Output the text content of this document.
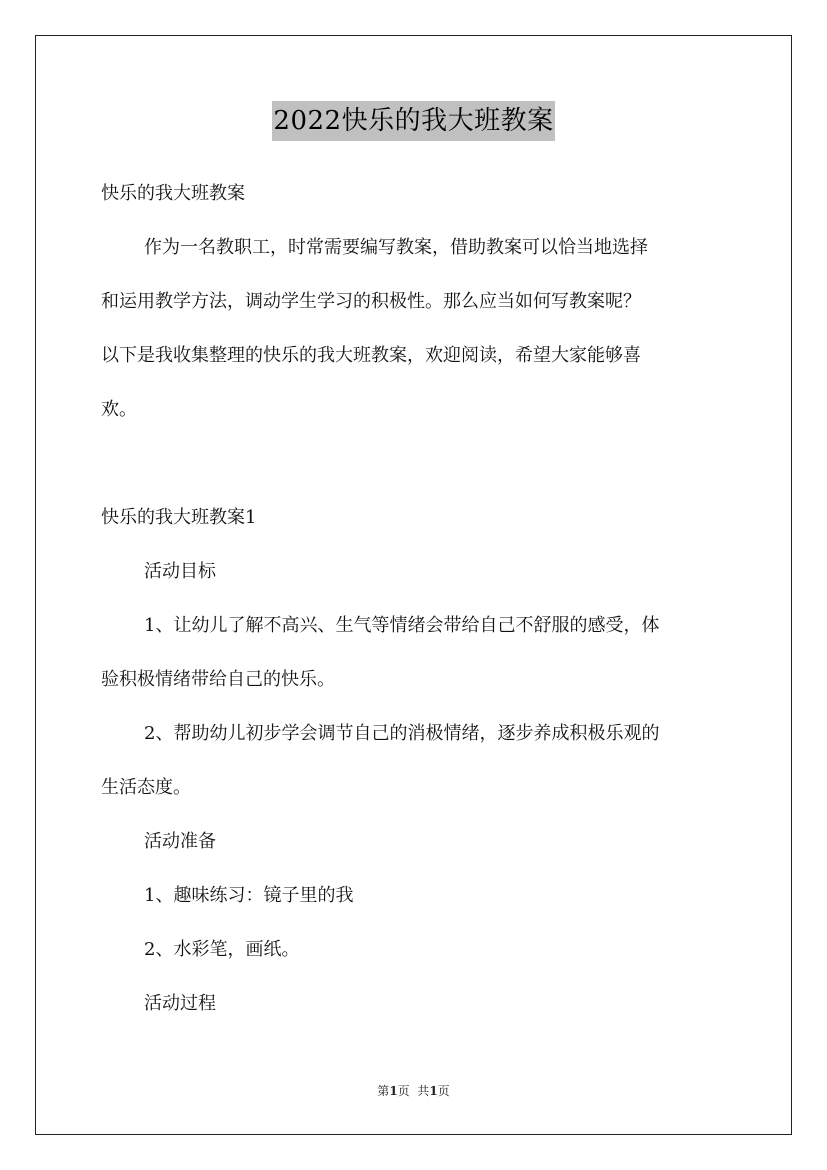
2022快乐的我大班教案
快乐的我大班教案
作为一名教职工，时常需要编写教案，借助教案可以恰当地选择
和运用教学方法，调动学生学习的积极性。那么应当如何写教案呢？
以下是我收集整理的快乐的我大班教案，欢迎阅读，希望大家能够喜
欢。
快乐的我大班教案1
活动目标
1、让幼儿了解不高兴、生气等情绪会带给自己不舒服的感受，体
验积极情绪带给自己的快乐。
2、帮助幼儿初步学会调节自己的消极情绪，逐步养成积极乐观的
生活态度。
活动准备
1、趣味练习：镜子里的我
2、水彩笔，画纸。
活动过程
第1页  共1页
